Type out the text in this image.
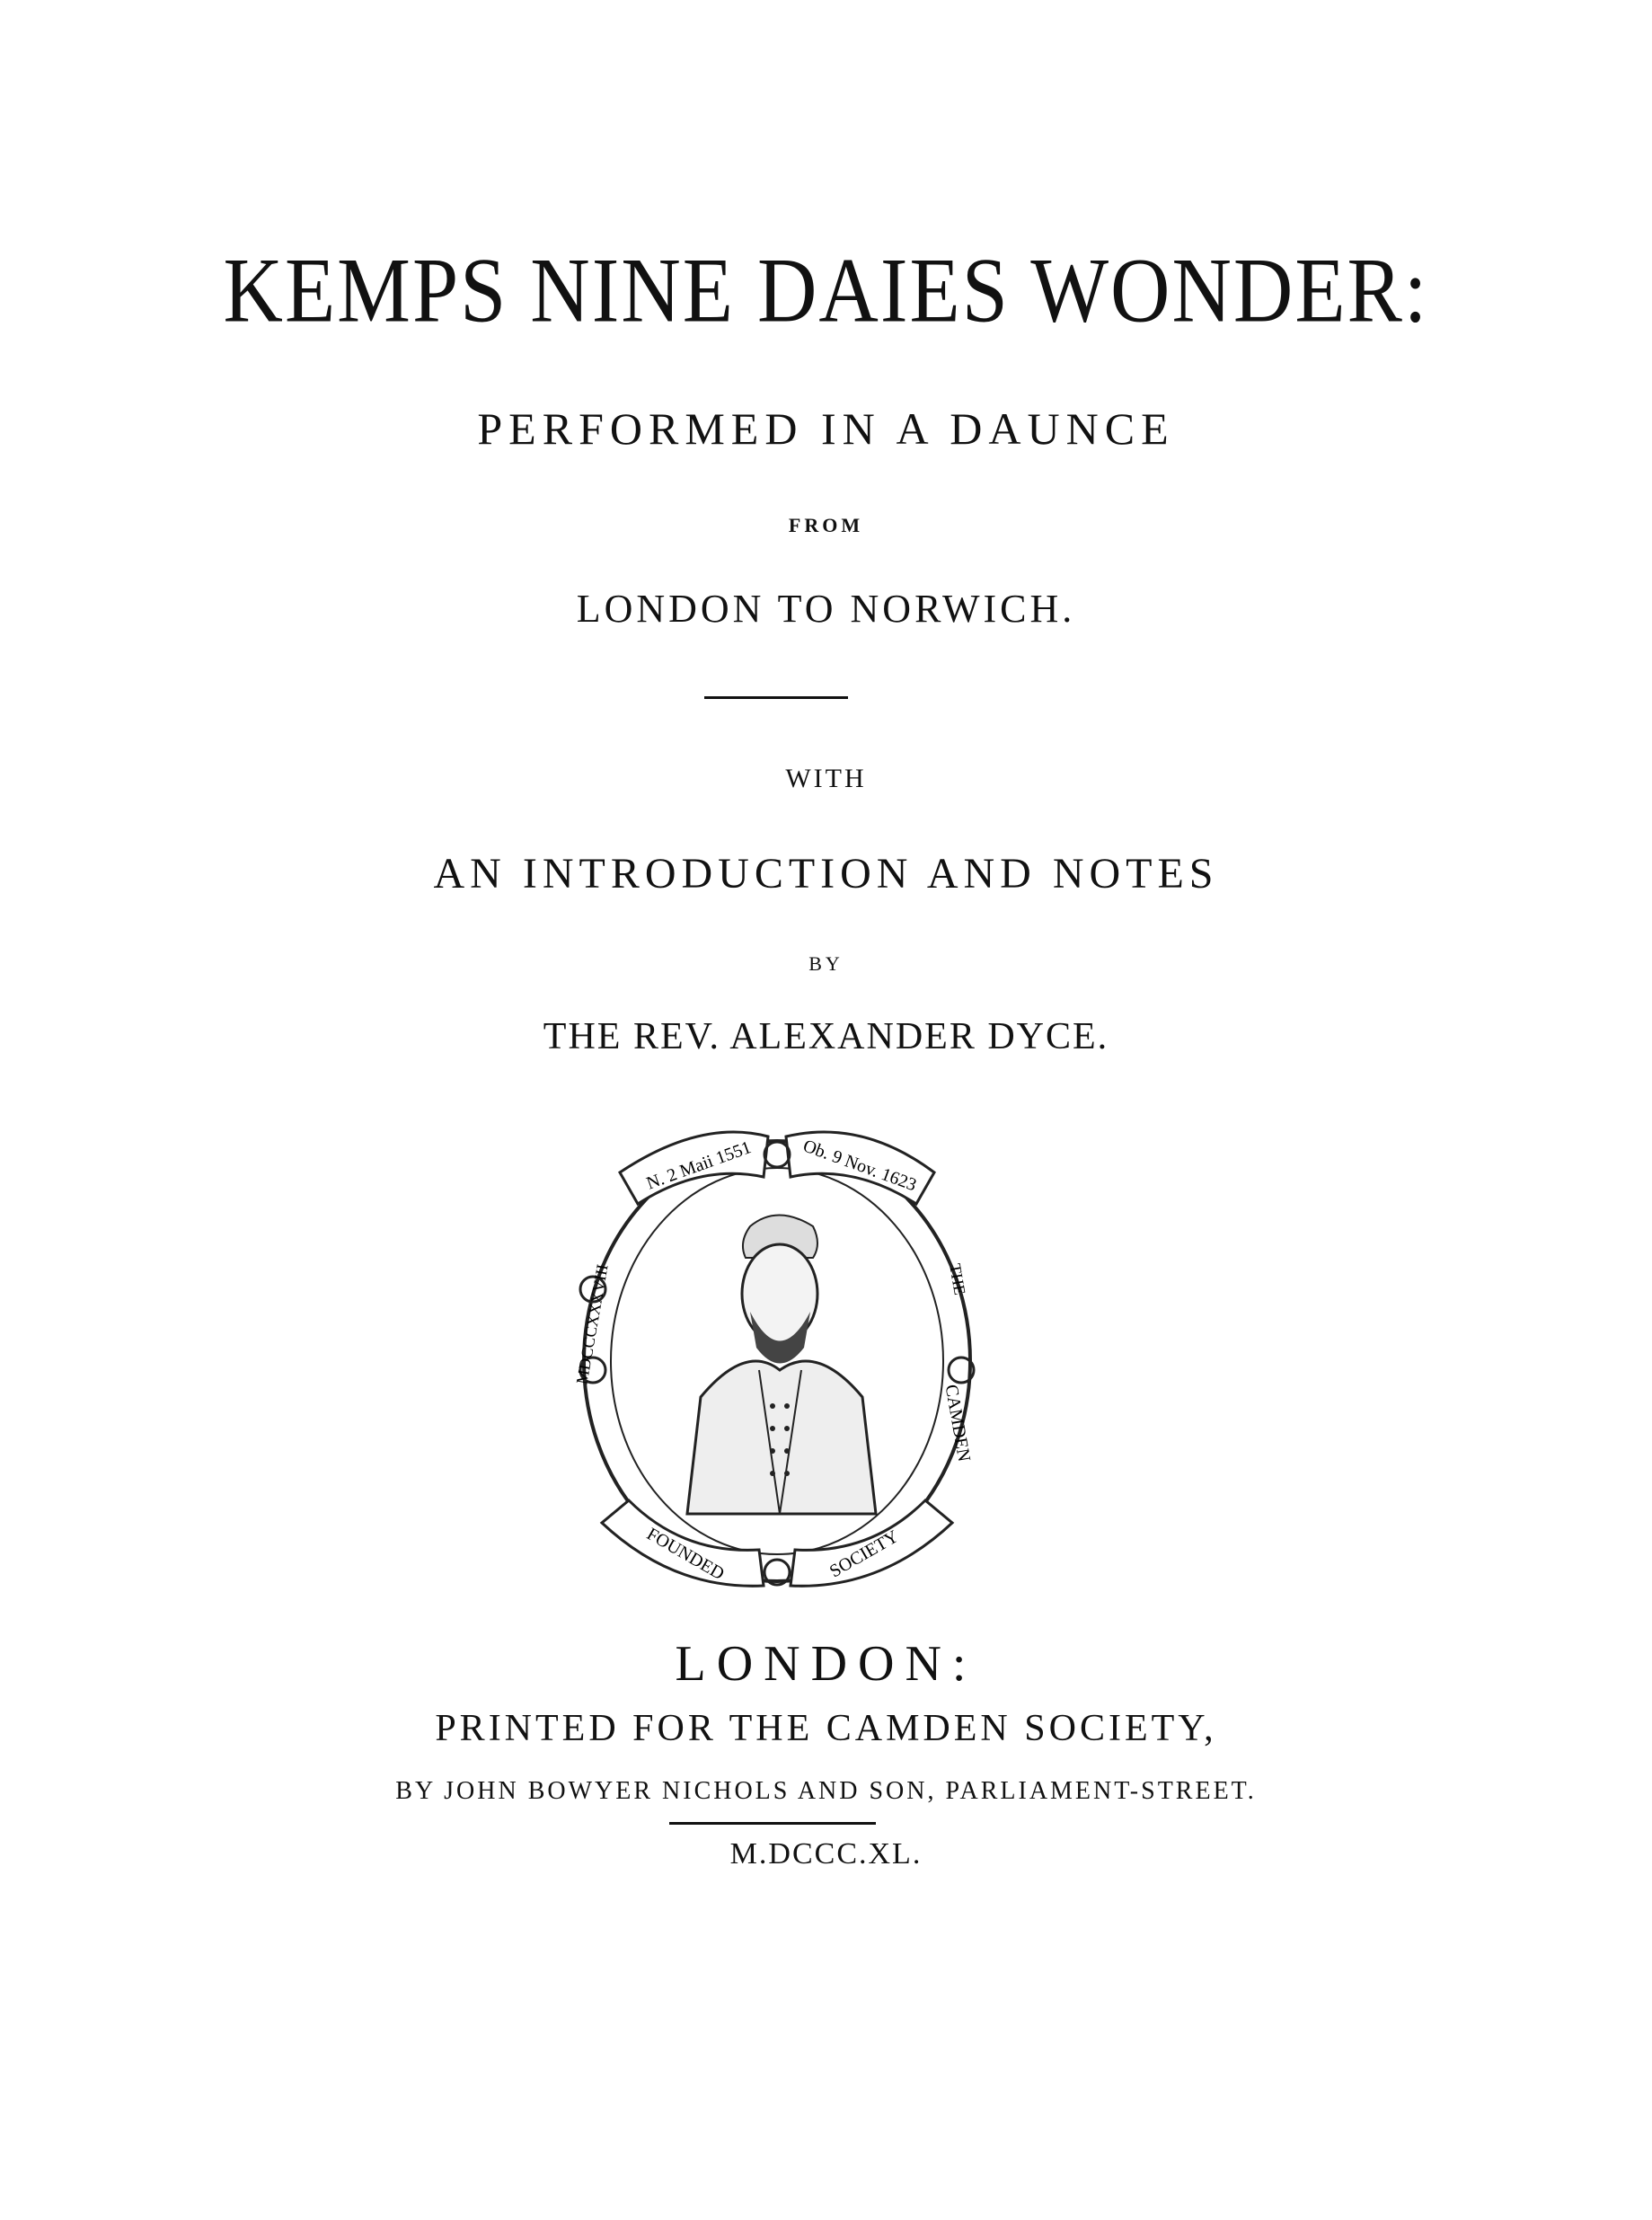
KEMPS NINE DAIES WONDER:
PERFORMED IN A DAUNCE
FROM
LONDON TO NORWICH.
WITH
AN INTRODUCTION AND NOTES
BY
THE REV. ALEXANDER DYCE.
N. 2 Maii 1551	Ob. 9 Nov. 1623
MDCCCXXXVIII	THE
CAMDEN
FOUNDED	SOCIETY
LONDON:
PRINTED FOR THE CAMDEN SOCIETY,
BY JOHN BOWYER NICHOLS AND SON, PARLIAMENT-STREET.
M.DCCC.XL.
